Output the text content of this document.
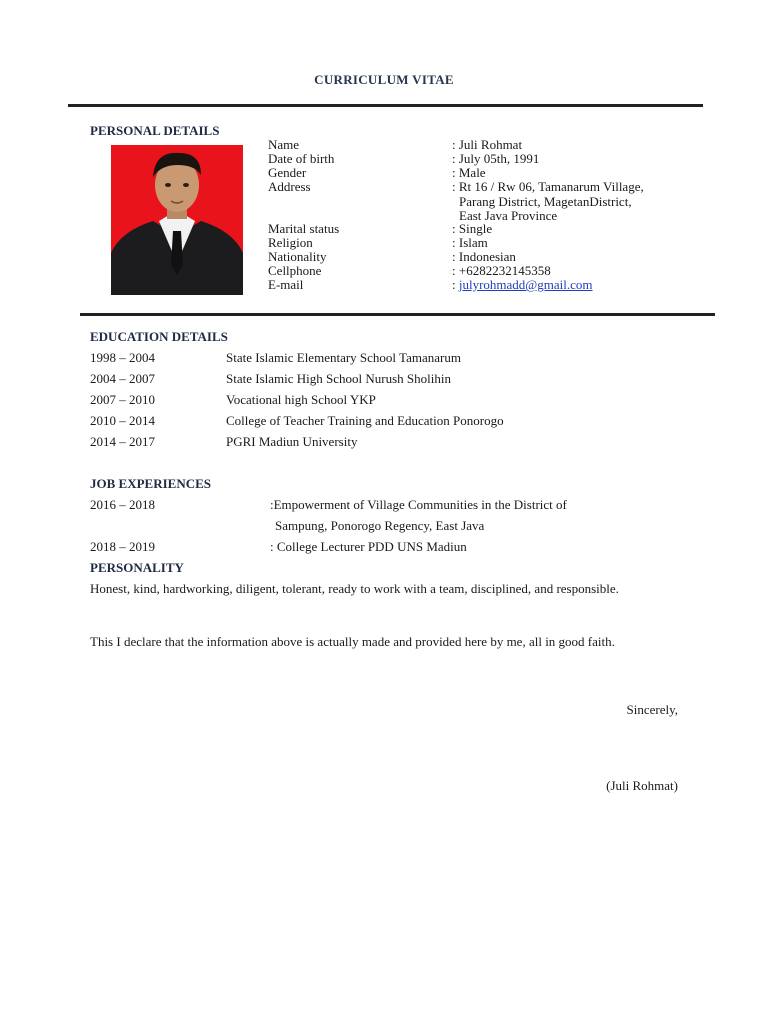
CURRICULUM VITAE
PERSONAL DETAILS
Name	: Juli Rohmat
Date of birth	: July 05th, 1991
Gender	: Male
Address	: Rt 16 / Rw 06, Tamanarum Village,
Parang District, MagetanDistrict,
East Java Province
Marital status	: Single
Religion	: Islam
Nationality	: Indonesian
Cellphone	: +6282232145358
E-mail	: julyrohmadd@gmail.com
EDUCATION DETAILS
1998 – 2004	State Islamic Elementary School Tamanarum
2004 – 2007	State Islamic High School Nurush Sholihin
2007 – 2010	Vocational high School YKP
2010 – 2014	College of Teacher Training and Education Ponorogo
2014 – 2017	PGRI Madiun University
JOB EXPERIENCES
2016 – 2018	:Empowerment of Village Communities in the District of
Sampung, Ponorogo Regency, East Java
2018 – 2019	: College Lecturer PDD UNS Madiun
PERSONALITY
Honest, kind, hardworking, diligent, tolerant, ready to work with a team, disciplined, and responsible.
This I declare that the information above is actually made and provided here by me, all in good faith.
Sincerely,
(Juli Rohmat)
